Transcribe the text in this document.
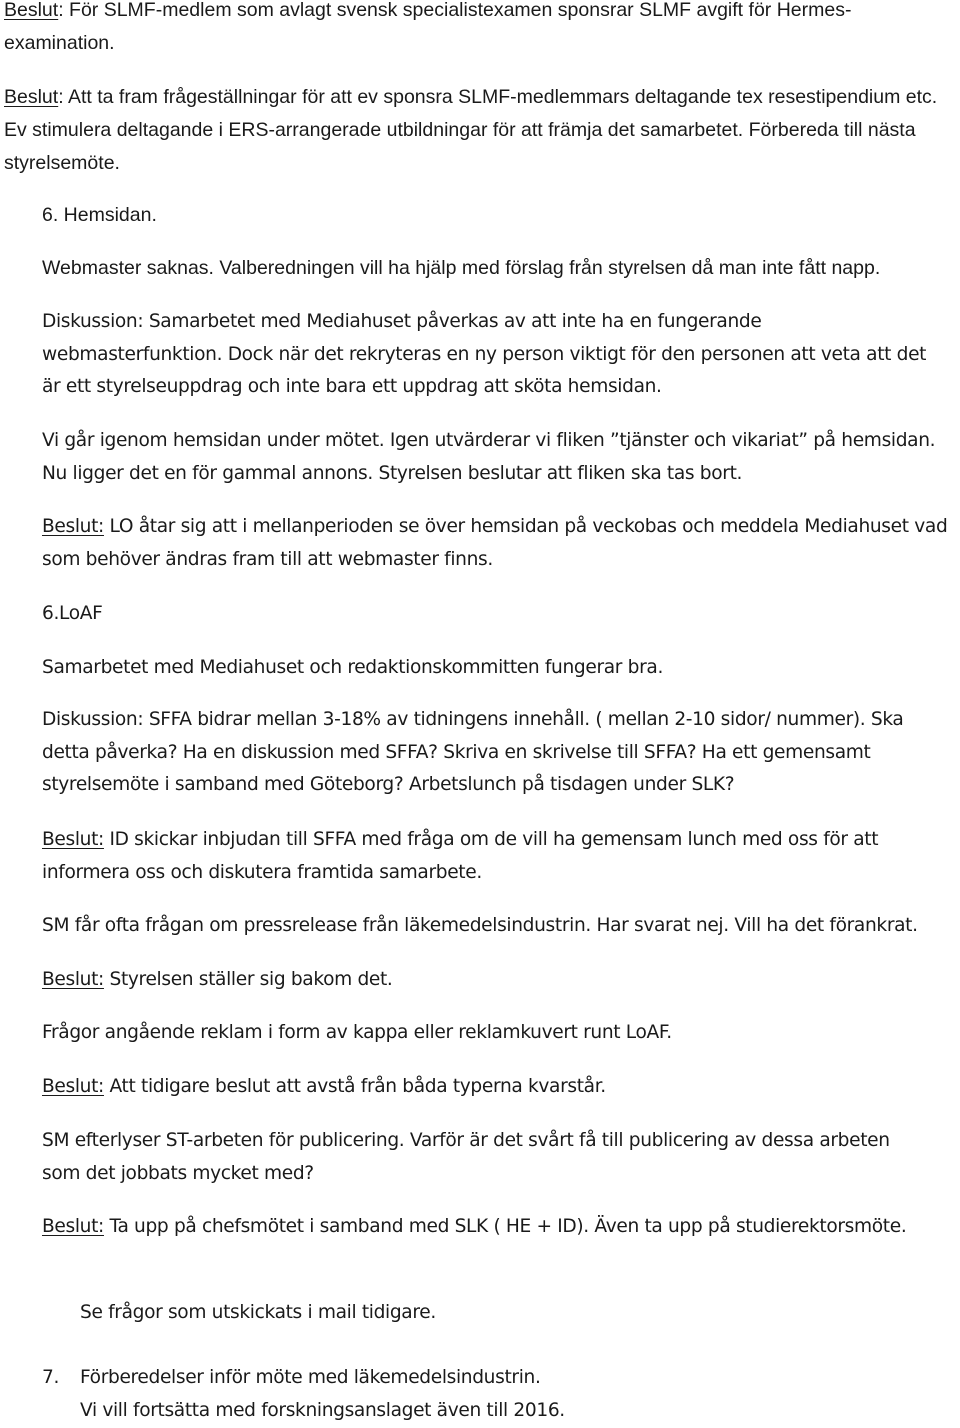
Beslut: För SLMF-medlem som avlagt svensk specialistexamen sponsrar SLMF avgift för Hermes-examination.

Beslut: Att ta fram frågeställningar för att ev sponsra SLMF-medlemmars deltagande tex resestipendium etc. Ev stimulera deltagande i ERS-arrangerade utbildningar för att främja det samarbetet. Förbereda till nästa styrelsemöte.

6. Hemsidan.

Webmaster saknas. Valberedningen vill ha hjälp med förslag från styrelsen då man inte fått napp.

Diskussion: Samarbetet med Mediahuset påverkas av att inte ha en fungerande webmasterfunktion. Dock när det rekryteras en ny person viktigt för den personen att veta att det är ett styrelseuppdrag och inte bara ett uppdrag att sköta hemsidan.

Vi går igenom hemsidan under mötet. Igen utvärderar vi fliken ”tjänster och vikariat” på hemsidan. Nu ligger det en för gammal annons. Styrelsen beslutar att fliken ska tas bort.

Beslut: LO åtar sig att i mellanperioden se över hemsidan på veckobas och meddela Mediahuset vad som behöver ändras fram till att webmaster finns.

6.LoAF

Samarbetet med Mediahuset och redaktionskommitten fungerar bra.

Diskussion: SFFA bidrar mellan 3-18% av tidningens innehåll. ( mellan 2-10 sidor/ nummer). Ska detta påverka? Ha en diskussion med SFFA? Skriva en skrivelse till SFFA? Ha ett gemensamt styrelsemöte i samband med Göteborg? Arbetslunch på tisdagen under SLK?

Beslut: ID skickar inbjudan till SFFA med fråga om de vill ha gemensam lunch med oss för att informera oss och diskutera framtida samarbete.

SM får ofta frågan om pressrelease från läkemedelsindustrin. Har svarat nej. Vill ha det förankrat.

Beslut: Styrelsen ställer sig bakom det.

Frågor angående reklam i form av kappa eller reklamkuvert runt LoAF.

Beslut: Att tidigare beslut att avstå från båda typerna kvarstår.

SM efterlyser ST-arbeten för publicering. Varför är det svårt få till publicering av dessa arbeten som det jobbats mycket med?

Beslut: Ta upp på chefsmötet i samband med SLK ( HE + ID). Även ta upp på studierektorsmöte.

Se frågor som utskickats i mail tidigare.

7. Förberedelser inför möte med läkemedelsindustrin.

Vi vill fortsätta med forskningsanslaget även till 2016.
